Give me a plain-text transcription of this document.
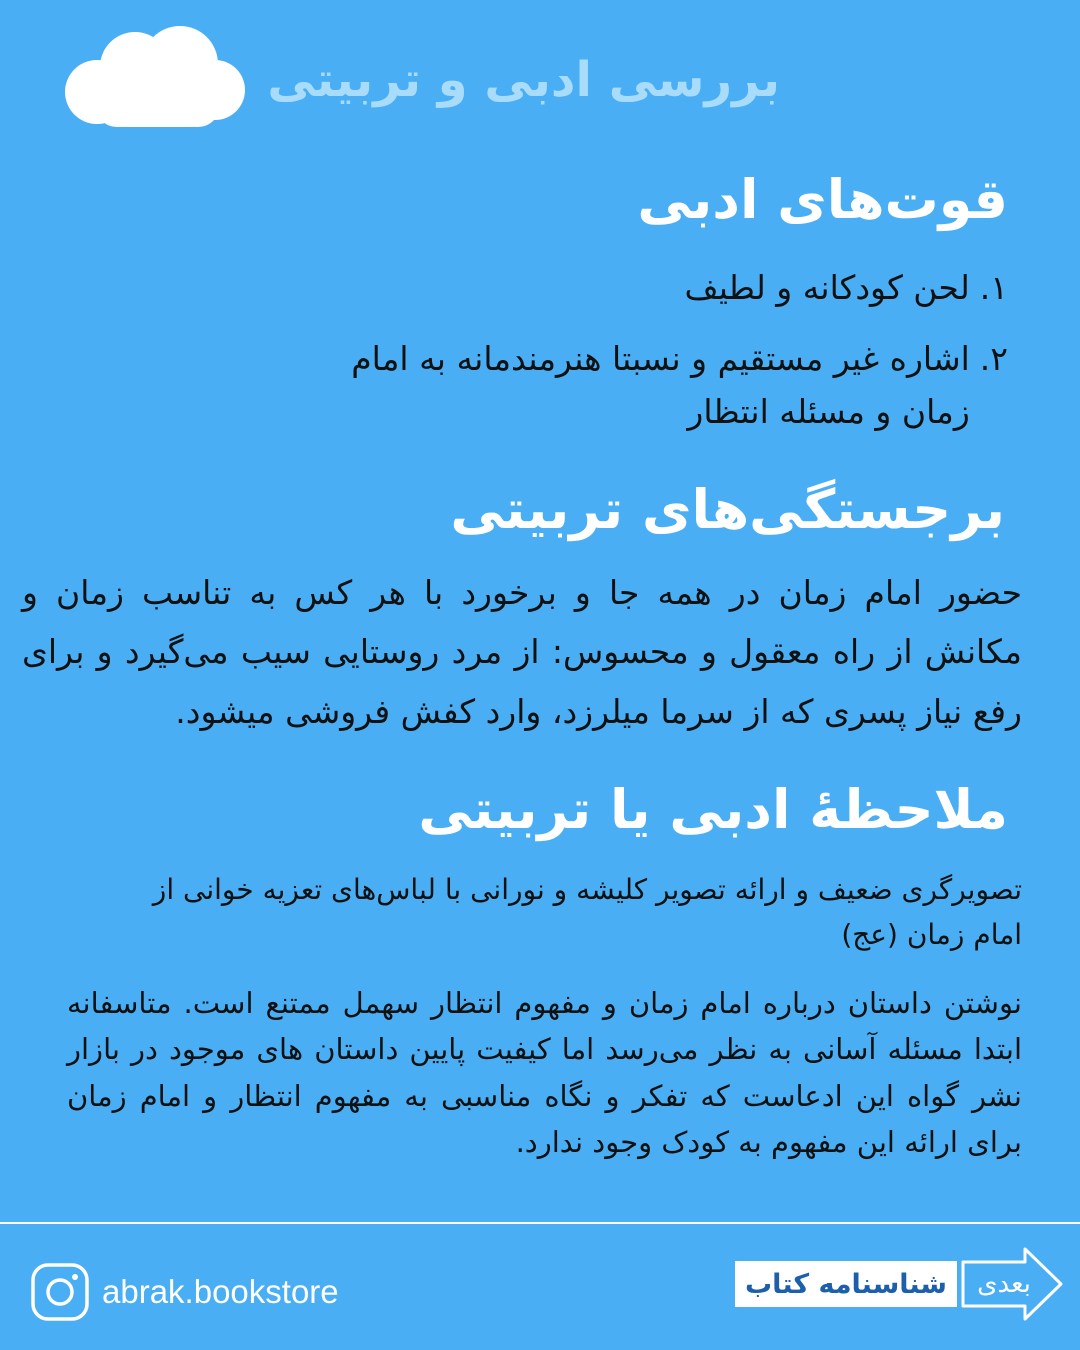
بررسی ادبی و تربیتی
قوت‌های ادبی
۱.
لحن کودکانه و لطیف
۲.
اشاره غیر مستقیم و نسبتا هنرمندمانه به امام زمان و مسئله انتظار
برجستگی‌های تربیتی

حضور امام زمان در همه جا و برخورد با هر کس به تناسب زمان و مکانش از راه معقول و محسوس: از مرد روستایی سیب می‌گیرد و برای رفع نیاز پسری که از سرما میلرزد، وارد کفش فروشی میشود.

ملاحظهٔ ادبی یا تربیتی

تصویرگری ضعیف و ارائه تصویر کلیشه و نورانی با لباس‌های تعزیه خوانی از امام زمان (عج)

نوشتن داستان درباره امام زمان و مفهوم انتظار سهمل ممتنع است. متاسفانه ابتدا مسئله آسانی به نظر می‌رسد اما کیفیت پایین داستان های موجود در بازار نشر گواه این ادعاست که تفکر و نگاه مناسبی به مفهوم انتظار و امام زمان برای ارائه این مفهوم به کودک وجود ندارد.

abrak.bookstore	شناسنامه کتاب	بعدی
